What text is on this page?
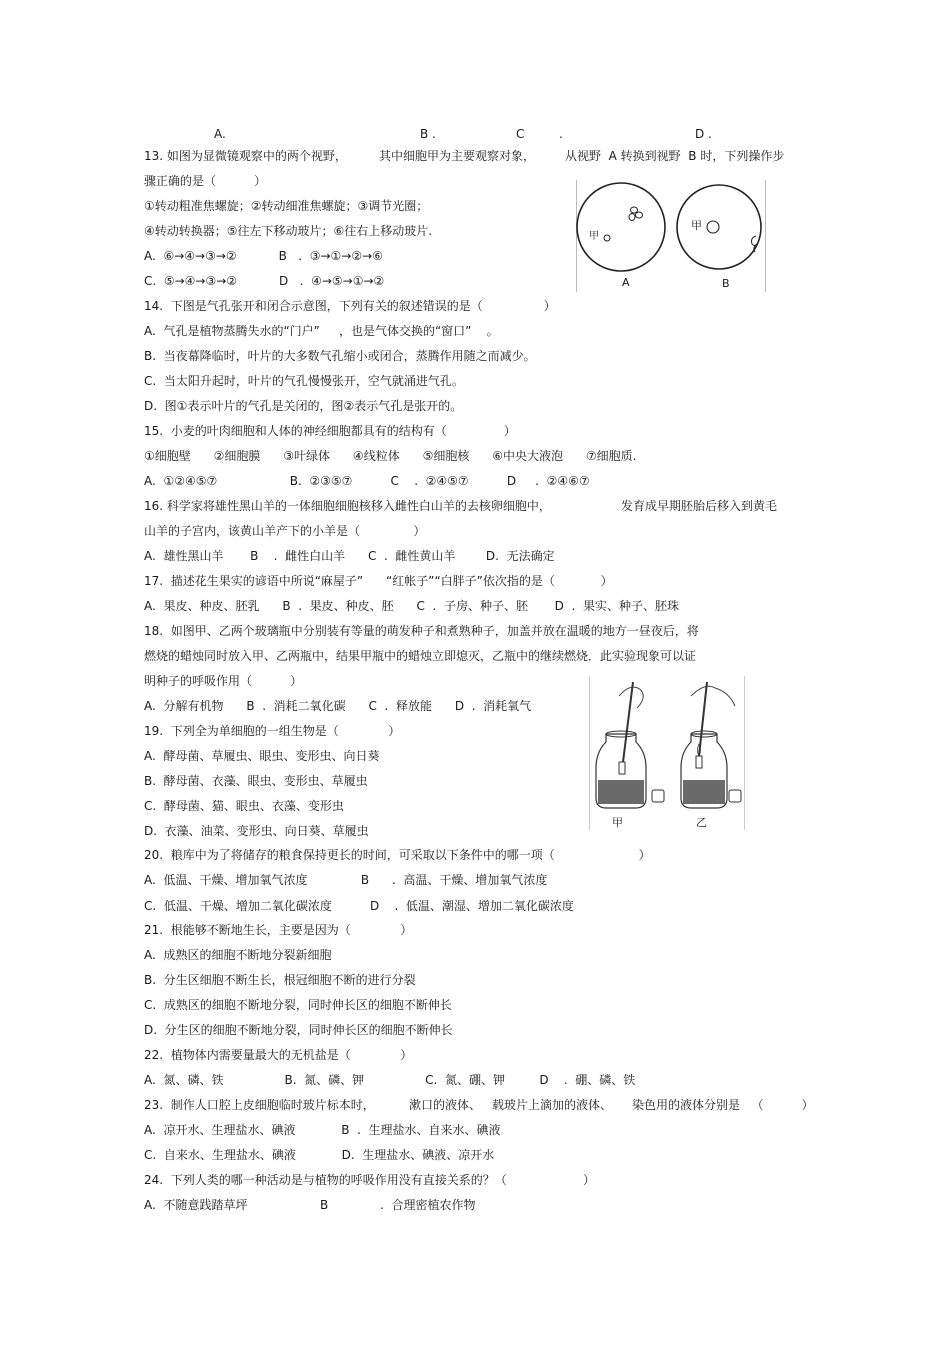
A.	B .	C	.	D .
13. 如图为显微镜观察中的两个视野，	其中细胞甲为主要观察对象， 从视野  A 转换到视野  B 时，下列操作步
骤正确的是（          ）
①转动粗准焦螺旋；②转动细准焦螺旋；③调节光圈；
④转动转换器；⑤往左下移动玻片；⑥往右上移动玻片.
A.  ⑥→④→③→②           B   .  ③→①→②→⑥
C.  ⑤→④→③→②           D   .  ④→⑤→①→②
甲
甲
A	B
14.  下图是气孔张开和闭合示意图，下列有关的叙述错误的是（                ）
A.  气孔是植物蒸腾失水的“门户”     ，也是气体交换的“窗口”    。
B.  当夜幕降临时，叶片的大多数气孔缩小或闭合，蒸腾作用随之而减少。
C.  当太阳升起时，叶片的气孔慢慢张开，空气就涌进气孔。
D.  图①表示叶片的气孔是关闭的，图②表示气孔是张开的。
15.  小麦的叶肉细胞和人体的神经细胞都具有的结构有（               ）
①细胞壁      ②细胞膜      ③叶绿体      ④线粒体      ⑤细胞核      ⑥中央大液泡      ⑦细胞质.
A.  ①②④⑤⑦                   B.  ②③⑤⑦          C    .  ②④⑤⑦          D     .  ②④⑥⑦
16. 科学家将雄性黑山羊的一体细胞细胞核移入雌性白山羊的去核卵细胞中，	发育成早期胚胎后移入到黄毛
山羊的子宫内，该黄山羊产下的小羊是（              ）
A.  雄性黑山羊       B    .  雌性白山羊      C  .  雌性黄山羊        D.  无法确定
17.  描述花生果实的谚语中所说“麻屋子”      “红帐子”“白胖子”依次指的是（            ）
A.  果皮、种皮、胚乳      B  .  果皮、种皮、胚      C  .  子房、种子、胚       D  .  果实、种子、胚珠
18.  如图甲、乙两个玻璃瓶中分别装有等量的萌发种子和煮熟种子，加盖并放在温暖的地方一昼夜后，将
燃烧的蜡烛同时放入甲、乙两瓶中，结果甲瓶中的蜡烛立即熄灭，乙瓶中的继续燃烧．此实验现象可以证
明种子的呼吸作用（          ）
A.  分解有机物      B  .  消耗二氧化碳      C  .  释放能      D  .  消耗氧气
甲	乙
19.  下列全为单细胞的一组生物是（             ）
A.  酵母菌、草履虫、眼虫、变形虫、向日葵
B.  酵母菌、衣藻、眼虫、变形虫、草履虫
C.  酵母菌、猫、眼虫、衣藻、变形虫
D.  衣藻、油菜、变形虫、向日葵、草履虫
20.  粮库中为了将储存的粮食保持更长的时间，可采取以下条件中的哪一项（                      ）
A.  低温、干燥、增加氧气浓度              B      .  高温、干燥、增加氧气浓度
C.  低温、干燥、增加二氧化碳浓度          D    .  低温、潮湿、增加二氧化碳浓度
21.  根能够不断地生长，主要是因为（             ）
A.  成熟区的细胞不断地分裂新细胞
B.  分生区细胞不断生长，根冠细胞不断的进行分裂
C.  成熟区的细胞不断地分裂，同时伸长区的细胞不断伸长
D.  分生区的细胞不断地分裂，同时伸长区的细胞不断伸长
22.  植物体内需要量最大的无机盐是（             ）
A.  氮、磷、铁                B.  氮、磷、钾                C.  氮、硼、钾         D    .  硼、磷、铁
23.  制作人口腔上皮细胞临时玻片标本时，	漱口的液体、 载玻片上滴加的液体、 染色用的液体分别是   （          ）
A.  凉开水、生理盐水、碘液            B  .  生理盐水、自来水、碘液
C.  自来水、生理盐水、碘液            D.  生理盐水、碘液、凉开水
24.  下列人类的哪一种活动是与植物的呼吸作用没有直接关系的？（                    ）
A.  不随意践踏草坪	B	.  合理密植农作物
